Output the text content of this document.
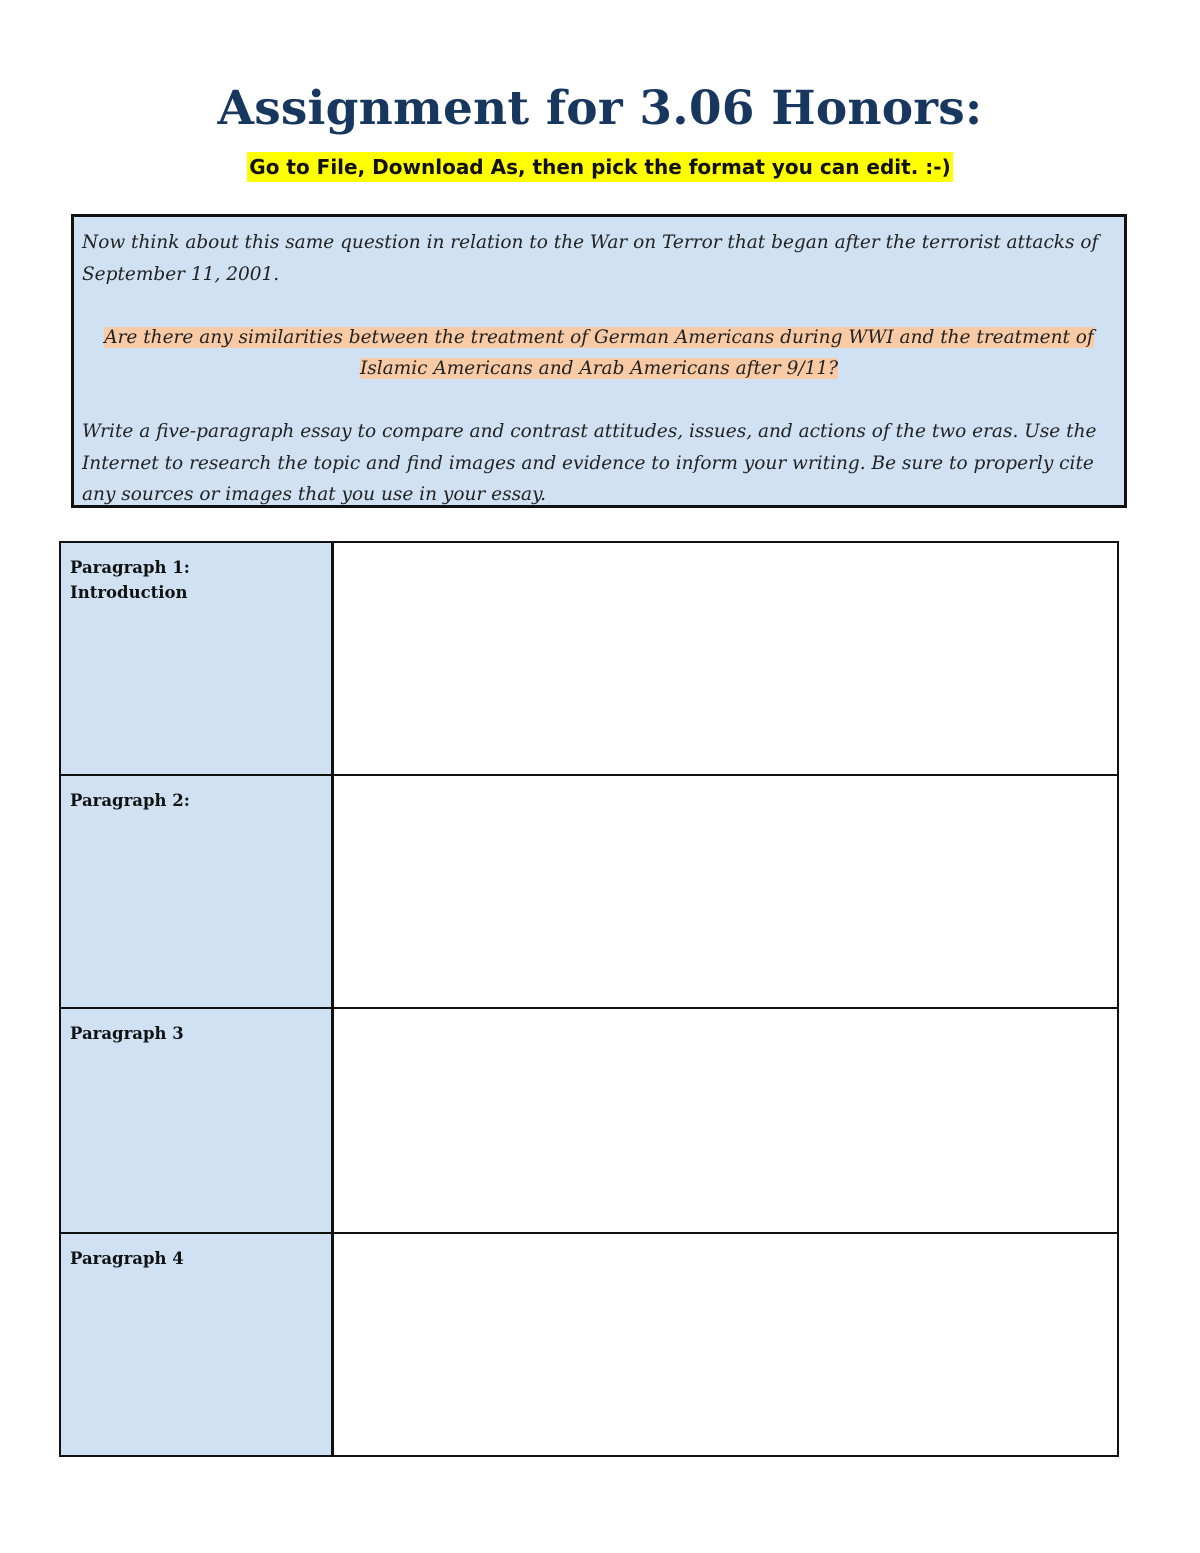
Assignment for 3.06 Honors:
Go to File, Download As, then pick the format you can edit. :-)

Now think about this same question in relation to the War on Terror that began after the terrorist attacks of September 11, 2001.

Are there any similarities between the treatment of German Americans during WWI and the treatment of
Islamic Americans and Arab Americans after 9/11?

Write a five-paragraph essay to compare and contrast attitudes, issues, and actions of the two eras. Use the Internet to research the topic and find images and evidence to inform your writing. Be sure to properly cite any sources or images that you use in your essay.

Paragraph 1:
Introduction
Paragraph 2:
Paragraph 3
Paragraph 4
